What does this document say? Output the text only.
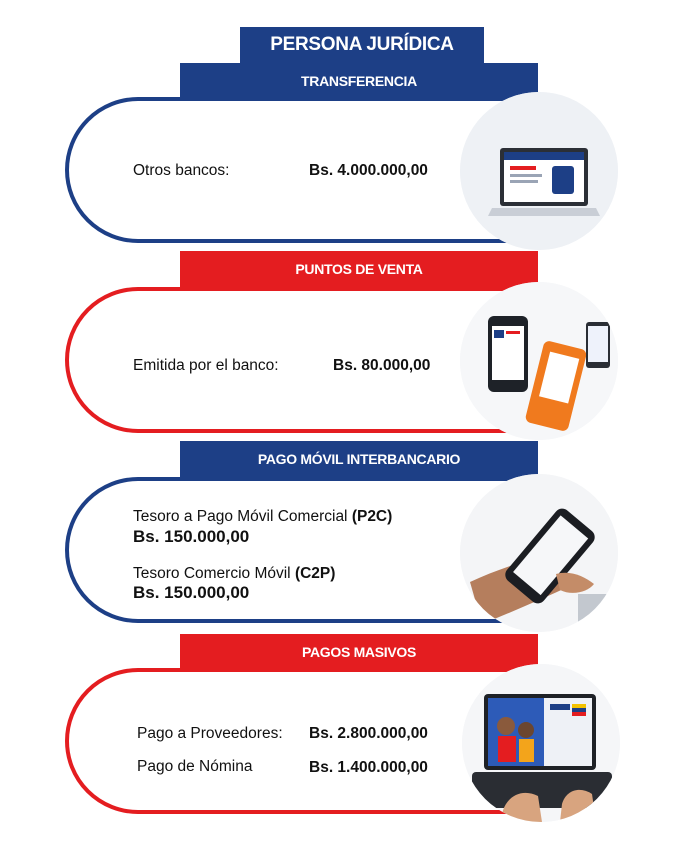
PERSONA JURÍDICA
TRANSFERENCIA
Otros bancos:	Bs. 4.000.000,00
PUNTOS DE VENTA
Emitida por el banco:	Bs. 80.000,00
PAGO MÓVIL INTERBANCARIO
Tesoro a Pago Móvil Comercial (P2C)
Bs. 150.000,00
Tesoro Comercio Móvil (C2P)
Bs. 150.000,00
PAGOS MASIVOS
Pago a Proveedores: Bs. 2.800.000,00
Pago de Nómina	Bs. 1.400.000,00
